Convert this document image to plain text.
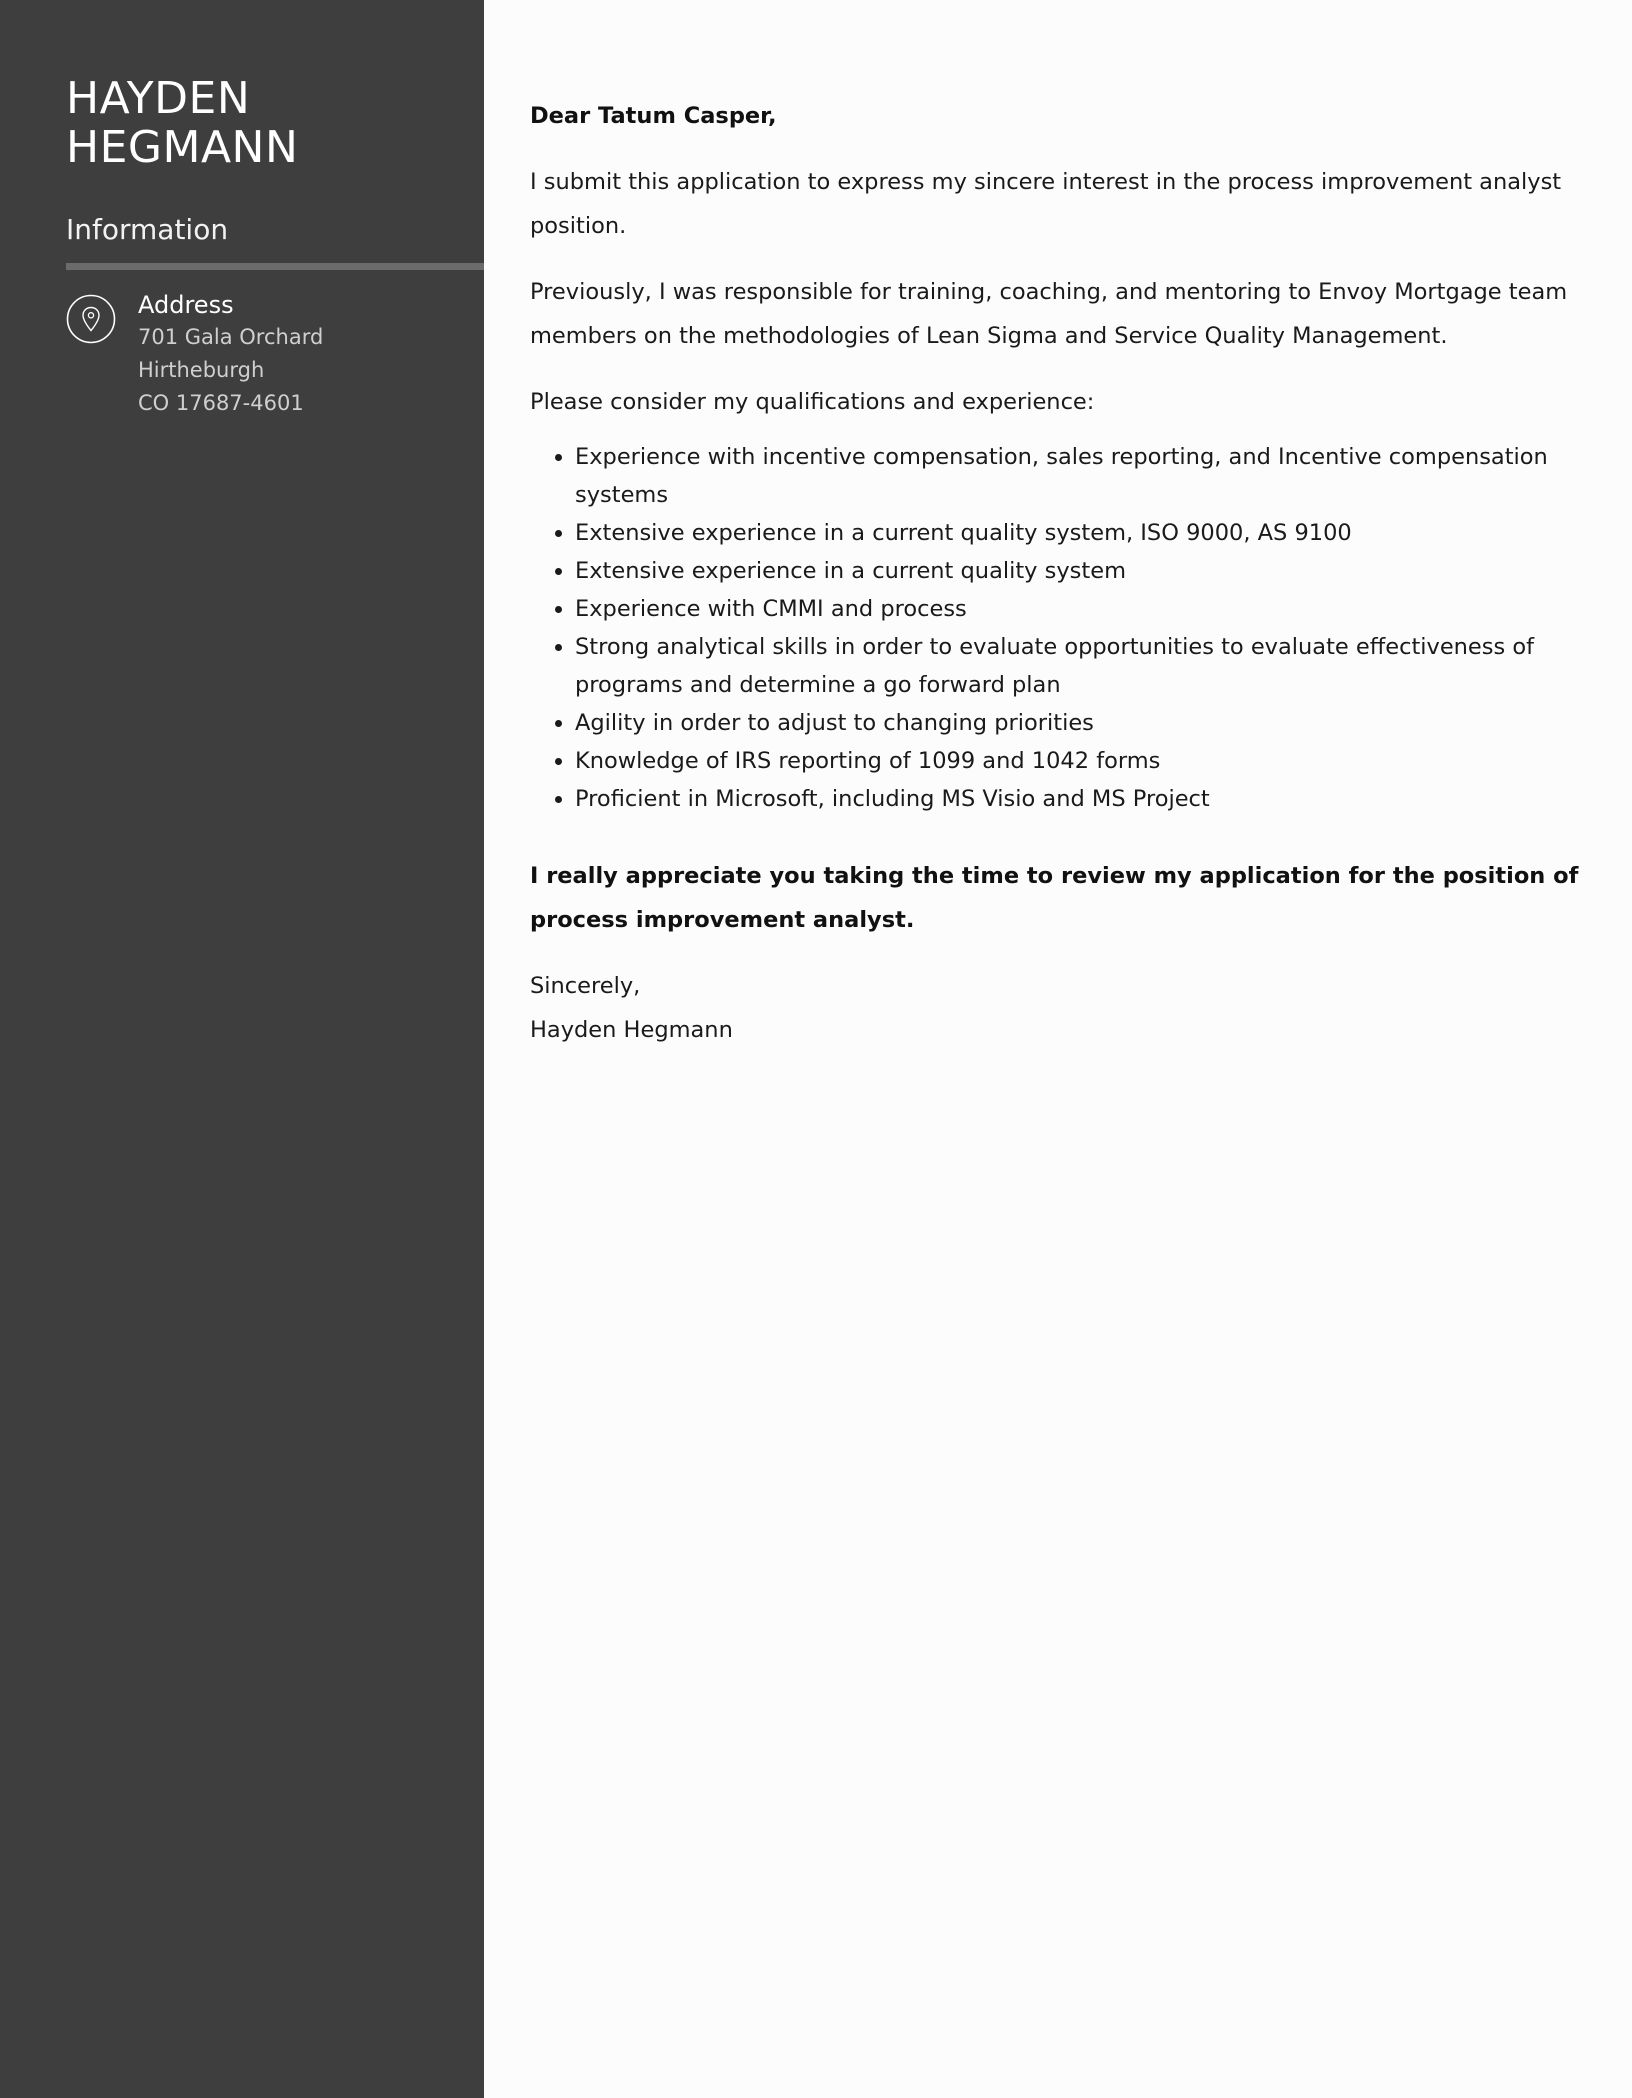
HAYDEN
HEGMANN
Information
Address
701 Gala Orchard
Hirtheburgh
CO 17687-4601

Dear Tatum Casper,

I submit this application to express my sincere interest in the process improvement analyst position.

Previously, I was responsible for training, coaching, and mentoring to Envoy Mortgage team members on the methodologies of Lean Sigma and Service Quality Management.

Please consider my qualifications and experience:

• Experience with incentive compensation, sales reporting, and Incentive compensation systems
• Extensive experience in a current quality system, ISO 9000, AS 9100
• Extensive experience in a current quality system
• Experience with CMMI and process
• Strong analytical skills in order to evaluate opportunities to evaluate effectiveness of programs and determine a go forward plan
• Agility in order to adjust to changing priorities
• Knowledge of IRS reporting of 1099 and 1042 forms
• Proficient in Microsoft, including MS Visio and MS Project

I really appreciate you taking the time to review my application for the position of process improvement analyst.

Sincerely,

Hayden Hegmann
